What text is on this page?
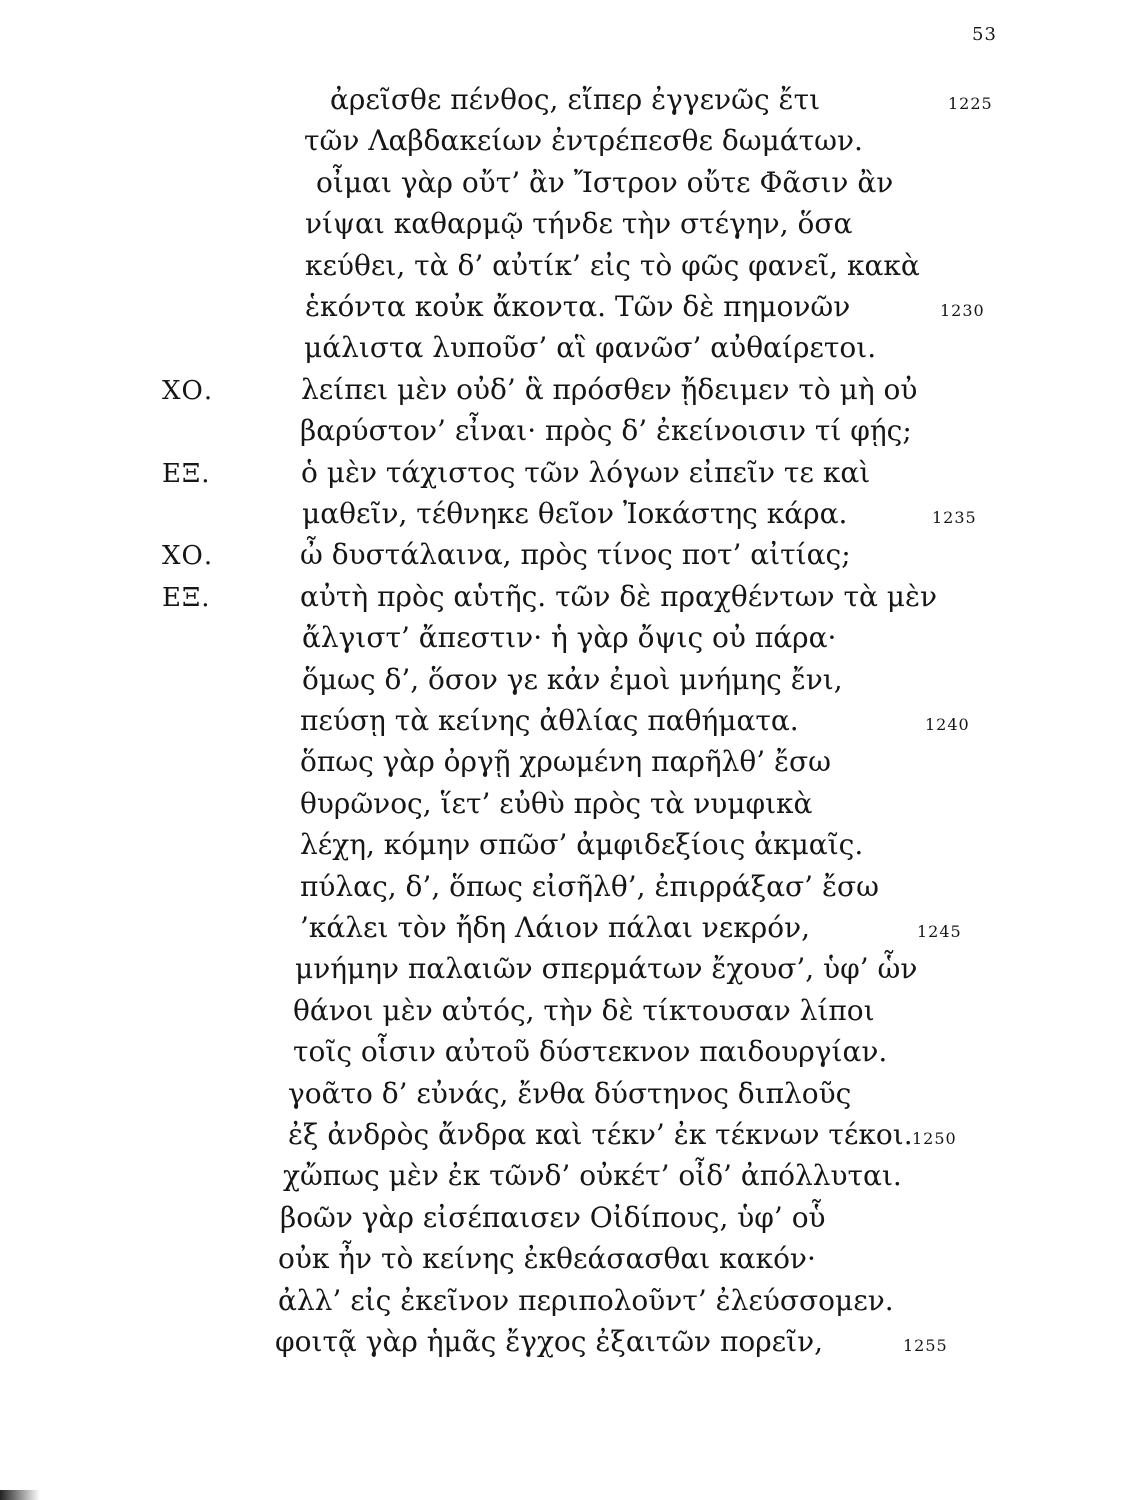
53
ἀρεῖσθε πένθος, εἴπερ ἐγγενῶς ἔτι	1225
τῶν Λαβδακείων ἐντρέπεσθε δωμάτων.
οἶμαι γὰρ οὔτ’ ἂν Ἴστρον οὔτε Φᾶσιν ἂν
νίψαι καθαρμῷ τήνδε τὴν στέγην, ὅσα
κεύθει, τὰ δ’ αὐτίκ’ εἰς τὸ φῶς φανεῖ, κακὰ
ἑκόντα κοὐκ ἄκοντα. Τῶν δὲ πημονῶν	1230
μάλιστα λυποῦσ’ αἳ φανῶσ’ αὐθαίρετοι.
ΧΟ.	λείπει μὲν οὐδ’ ἃ πρόσθεν ᾔδειμεν τὸ μὴ οὐ
βαρύστον’ εἶναι· πρὸς δ’ ἐκείνοισιν τί φῄς;
ΕΞ.	ὁ μὲν τάχιστος τῶν λόγων εἰπεῖν τε καὶ
μαθεῖν, τέθνηκε θεῖον Ἰοκάστης κάρα.	1235
ΧΟ.	ὦ δυστάλαινα, πρὸς τίνος ποτ’ αἰτίας;
ΕΞ.	αὐτὴ πρὸς αὑτῆς. τῶν δὲ πραχθέντων τὰ μὲν
ἄλγιστ’ ἄπεστιν· ἡ γὰρ ὄψις οὐ πάρα·
ὅμως δ’, ὅσον γε κἀν ἐμοὶ μνήμης ἔνι,
πεύσῃ τὰ κείνης ἀθλίας παθήματα.	1240
ὅπως γὰρ ὀργῇ χρωμένη παρῆλθ’ ἔσω
θυρῶνος, ἵετ’ εὐθὺ πρὸς τὰ νυμφικὰ
λέχη, κόμην σπῶσ’ ἀμφιδεξίοις ἀκμαῖς.
πύλας, δ’, ὅπως εἰσῆλθ’, ἐπιρράξασ’ ἔσω
’κάλει τὸν ἤδη Λάιον πάλαι νεκρόν,	1245
μνήμην παλαιῶν σπερμάτων ἔχουσ’, ὑφ’ ὧν
θάνοι μὲν αὐτός, τὴν δὲ τίκτουσαν λίποι
τοῖς οἷσιν αὐτοῦ δύστεκνον παιδουργίαν.
γοᾶτο δ’ εὐνάς, ἔνθα δύστηνος διπλοῦς
ἐξ ἀνδρὸς ἄνδρα καὶ τέκν’ ἐκ τέκνων τέκοι. 1250
χὤπως μὲν ἐκ τῶνδ’ οὐκέτ’ οἶδ’ ἀπόλλυται.
βοῶν γὰρ εἰσέπαισεν Οἰδίπους, ὑφ’ οὗ
οὐκ ἦν τὸ κείνης ἐκθεάσασθαι κακόν·
ἀλλ’ εἰς ἐκεῖνον περιπολοῦντ’ ἐλεύσσομεν.
φοιτᾷ γὰρ ἡμᾶς ἔγχος ἐξαιτῶν πορεῖν,	1255
